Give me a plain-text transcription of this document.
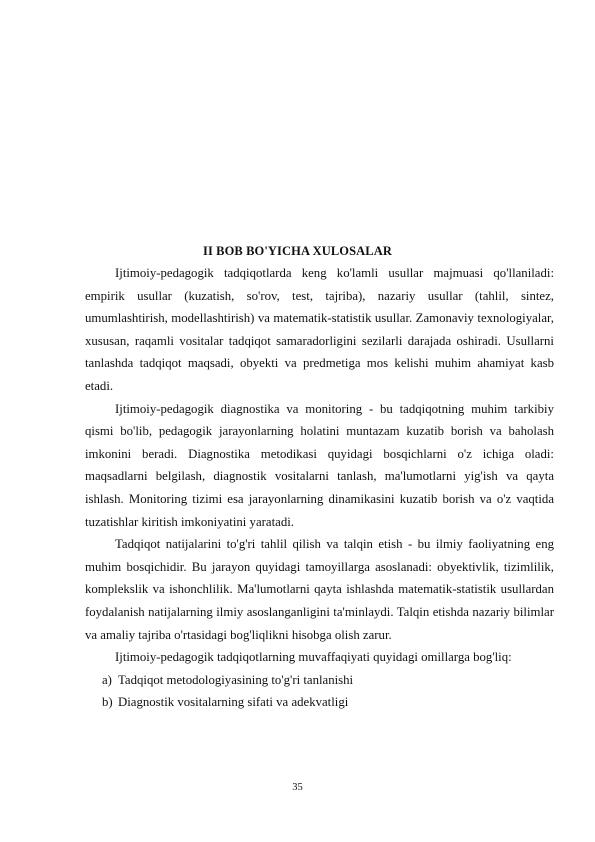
II BOB BO'YICHA XULOSALAR

Ijtimoiy-pedagogik tadqiqotlarda keng ko'lamli usullar majmuasi qo'llaniladi: empirik usullar (kuzatish, so'rov, test, tajriba), nazariy usullar (tahlil, sintez, umumlashtirish, modellashtirish) va matematik-statistik usullar. Zamonaviy texnologiyalar, xususan, raqamli vositalar tadqiqot samaradorligini sezilarli darajada oshiradi. Usullarni tanlashda tadqiqot maqsadi, obyekti va predmetiga mos kelishi muhim ahamiyat kasb etadi.

Ijtimoiy-pedagogik diagnostika va monitoring - bu tadqiqotning muhim tarkibiy qismi bo'lib, pedagogik jarayonlarning holatini muntazam kuzatib borish va baholash imkonini beradi. Diagnostika metodikasi quyidagi bosqichlarni o'z ichiga oladi: maqsadlarni belgilash, diagnostik vositalarni tanlash, ma'lumotlarni yig'ish va qayta ishlash. Monitoring tizimi esa jarayonlarning dinamikasini kuzatib borish va o'z vaqtida tuzatishlar kiritish imkoniyatini yaratadi.

Tadqiqot natijalarini to'g'ri tahlil qilish va talqin etish - bu ilmiy faoliyatning eng muhim bosqichidir. Bu jarayon quyidagi tamoyillarga asoslanadi: obyektivlik, tizimlilik, komplekslik va ishonchlilik. Ma'lumotlarni qayta ishlashda matematik-statistik usullardan foydalanish natijalarning ilmiy asoslanganligini ta'minlaydi. Talqin etishda nazariy bilimlar va amaliy tajriba o'rtasidagi bog'liqlikni hisobga olish zarur.

Ijtimoiy-pedagogik tadqiqotlarning muvaffaqiyati quyidagi omillarga bog'liq:

a) Tadqiqot metodologiyasining to'g'ri tanlanishi
b) Diagnostik vositalarning sifati va adekvatligi
35
